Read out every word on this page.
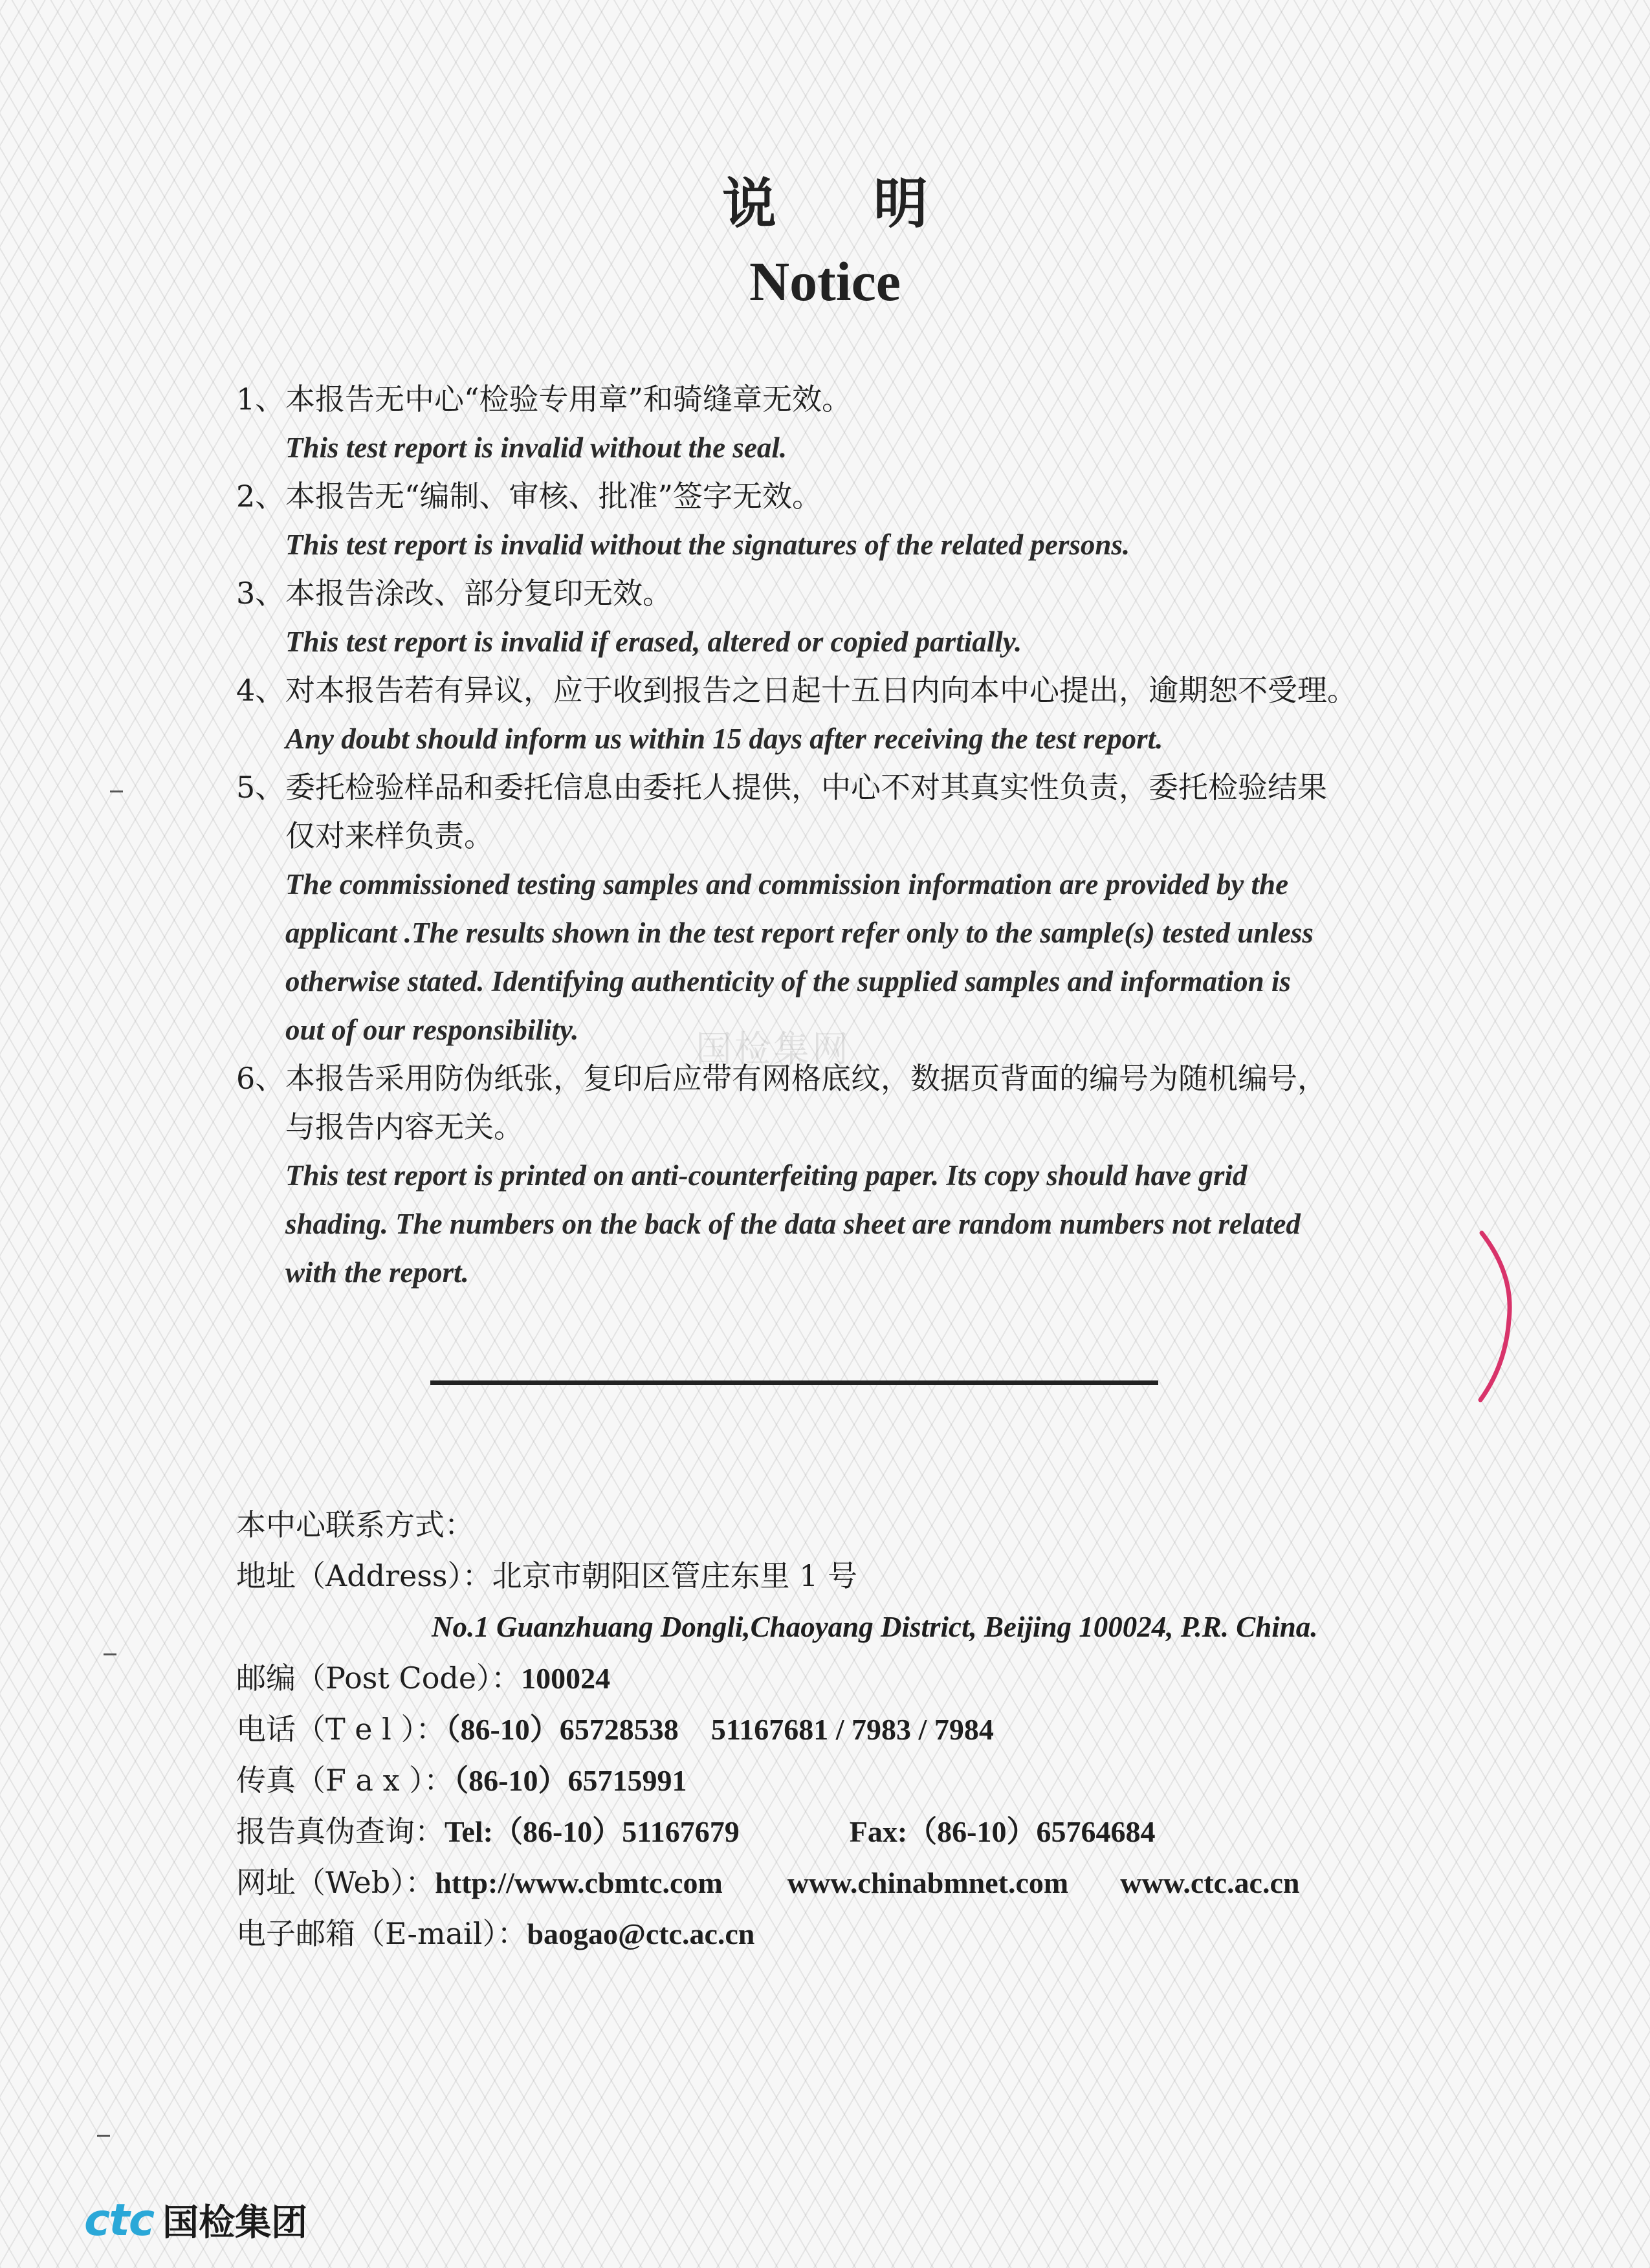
说明
Notice
1、 本报告无中心“检验专用章”和骑缝章无效。
This test report is invalid without the seal.
2、 本报告无“编制、审核、批准”签字无效。
This test report is invalid without the signatures of the related persons.
3、 本报告涂改、部分复印无效。
This test report is invalid if erased, altered or copied partially.
4、 对本报告若有异议，应于收到报告之日起十五日内向本中心提出，逾期恕不受理。
Any doubt should inform us within 15 days after receiving the test report.
5、 委托检验样品和委托信息由委托人提供，中心不对其真实性负责，委托检验结果
仅对来样负责。
The commissioned testing samples and commission information are provided by the
applicant .The results shown in the test report refer only to the sample(s) tested unless
otherwise stated. Identifying authenticity of the supplied samples and information is
out of our responsibility.
6、 本报告采用防伪纸张，复印后应带有网格底纹，数据页背面的编号为随机编号，
与报告内容无关。
This test report is printed on anti-counterfeiting paper. Its copy should have grid
shading. The numbers on the back of the data sheet are random numbers not related
with the report.
国检集网
本中心联系方式：
地址（Address）：北京市朝阳区管庄东里 1 号
No.1 Guanzhuang Dongli,Chaoyang District, Beijing 100024, P.R. China.
邮编（Post Code）：100024
电话（T e l ）：（86-10）65728538 51167681 / 7983 / 7984
传真（F a x ）：（86-10）65715991
报告真伪查询：Tel:（86-10）51167679	Fax:（86-10）65764684
网址（Web）：http://www.cbmtc.com www.chinabmnet.com www.ctc.ac.cn
电子邮箱（E-mail）：baogao@ctc.ac.cn
ctc 国检集团
